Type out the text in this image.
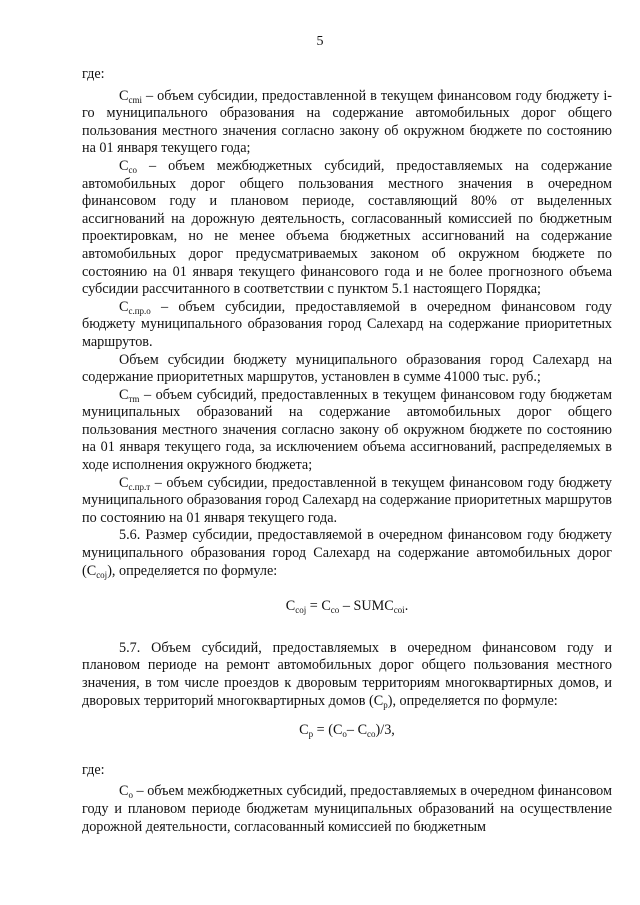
5

где:

$С_{cmi}$ – объем субсидии, предоставленной в текущем финансовом году бюджету i-го муниципального образования на содержание автомобильных дорог общего пользования местного значения согласно закону об окружном бюджете по состоянию на 01 января текущего года;

$С_{со}$ – объем межбюджетных субсидий, предоставляемых на содержание автомобильных дорог общего пользования местного значения в очередном финансовом году и плановом периоде, составляющий 80% от выделенных ассигнований на дорожную деятельность, согласованный комиссией по бюджетным проектировкам, но не менее объема бюджетных ассигнований на содержание автомобильных дорог предусматриваемых законом об окружном бюджете по состоянию на 01 января текущего финансового года и не более прогнозного объема субсидии рассчитанного в соответствии с пунктом 5.1 настоящего Порядка;

$С_{с.пр.о}$ – объем субсидии, предоставляемой в очередном финансовом году бюджету муниципального образования город Салехард на содержание приоритетных маршрутов.

Объем субсидии бюджету муниципального образования город Салехард на содержание приоритетных маршрутов, установлен в сумме 41000 тыс. руб.;

$С_{тm}$ – объем субсидий, предоставленных в текущем финансовом году бюджетам муниципальных образований на содержание автомобильных дорог общего пользования местного значения согласно закону об окружном бюджете по состоянию на 01 января текущего года, за исключением объема ассигнований, распределяемых в ходе исполнения окружного бюджета;

$С_{с.пр.т}$ – объем субсидии, предоставленной в текущем финансовом году бюджету муниципального образования город Салехард на содержание приоритетных маршрутов по состоянию на 01 января текущего года.

5.6. Размер субсидии, предоставляемой в очередном финансовом году бюджету муниципального образования город Салехард на содержание автомобильных дорог $(С_{соj})$, определяется по формуле:

$С_{соj} = С_{со}$ – $SUMС_{соi}$.

5.7. Объем субсидий, предоставляемых в очередном финансовом году и плановом периоде на ремонт автомобильных дорог общего пользования местного значения, в том числе проездов к дворовым территориям многоквартирных домов, и дворовых территорий многоквартирных домов $(С_р)$, определяется по формуле:

$С_р = (С_о-$ $С_{со})/3$,

где:

$С_о$ – объем межбюджетных субсидий, предоставляемых в очередном финансовом году и плановом периоде бюджетам муниципальных образований на осуществление дорожной деятельности, согласованный комиссией по бюджетным
